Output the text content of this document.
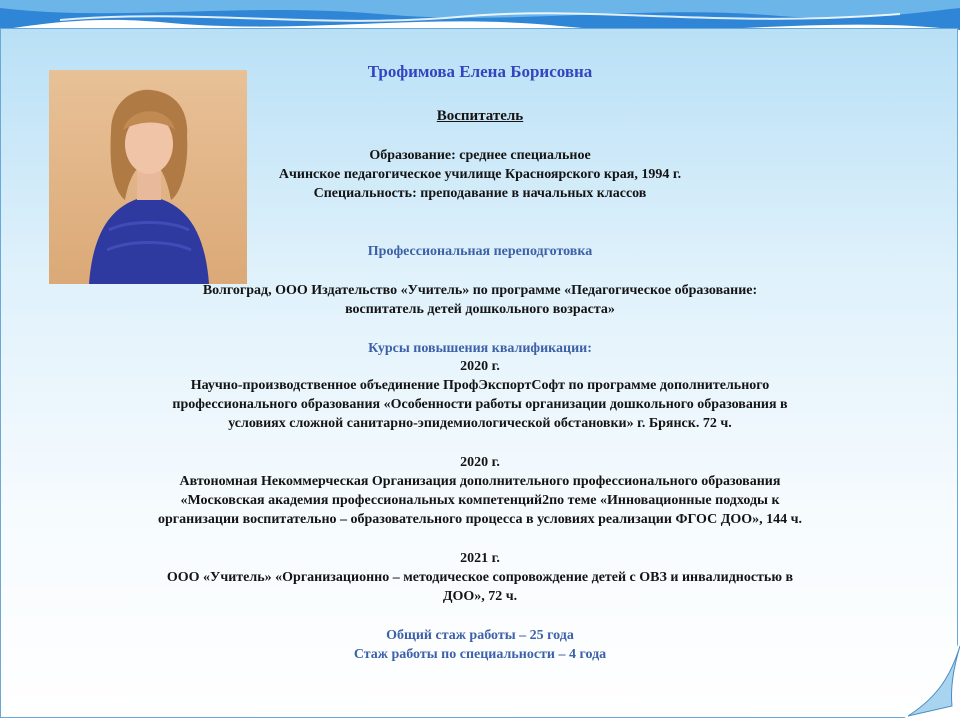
Трофимова Елена Борисовна
Воспитатель
Образование: среднее специальное
Ачинское педагогическое училище Красноярского края, 1994 г.
Специальность: преподавание в начальных классов
Профессиональная переподготовка
Волгоград, ООО Издательство «Учитель» по программе «Педагогическое образование:
воспитатель детей дошкольного возраста»
Курсы повышения квалификации:
2020 г.
Научно-производственное объединение ПрофЭкспортСофт по программе дополнительного
профессионального образования «Особенности работы организации дошкольного образования в
условиях сложной санитарно-эпидемиологической обстановки» г. Брянск. 72 ч.
2020 г.
Автономная Некоммерческая Организация дополнительного профессионального образования
«Московская академия профессиональных компетенций2по теме «Инновационные подходы к
организации воспитательно – образовательного процесса в условиях реализации ФГОС ДОО», 144 ч.
2021 г.
ООО «Учитель» «Организационно – методическое сопровождение детей с ОВЗ и инвалидностью в
ДОО», 72 ч.
Общий стаж работы – 25 года
Стаж работы по специальности – 4 года
